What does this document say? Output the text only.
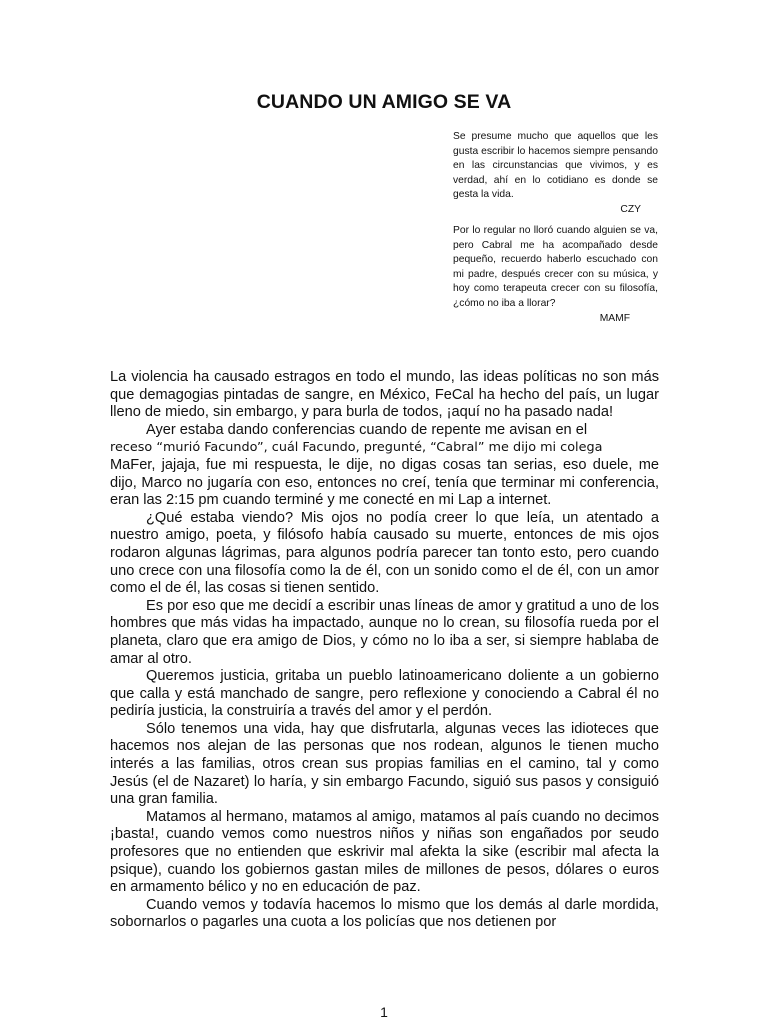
CUANDO UN AMIGO SE VA

Se presume mucho que aquellos que les gusta escribir lo hacemos siempre pensando en las circunstancias que vivimos, y es verdad, ahí en lo cotidiano es donde se gesta la vida.

CZY

Por lo regular no lloró cuando alguien se va, pero Cabral me ha acompañado desde pequeño, recuerdo haberlo escuchado con mi padre, después crecer con su música, y hoy como terapeuta crecer con su filosofía, ¿cómo no iba a llorar?

MAMF

La violencia ha causado estragos en todo el mundo, las ideas políticas no son más que demagogias pintadas de sangre, en México, FeCal ha hecho del país, un lugar lleno de miedo, sin embargo, y para burla de todos, ¡aquí no ha pasado nada!

Ayer estaba dando conferencias cuando de repente me avisan en el

receso “murió Facundo”, cuál Facundo, pregunté, “Cabral” me dijo mi colega

MaFer, jajaja, fue mi respuesta, le dije, no digas cosas tan serias, eso duele, me dijo, Marco no jugaría con eso, entonces no creí, tenía que terminar mi conferencia, eran las 2:15 pm cuando terminé y me conecté en mi Lap a internet.

¿Qué estaba viendo? Mis ojos no podía creer lo que leía, un atentado a nuestro amigo, poeta, y filósofo había causado su muerte, entonces de mis ojos rodaron algunas lágrimas, para algunos podría parecer tan tonto esto, pero cuando uno crece con una filosofía como la de él, con un sonido como el de él, con un amor como el de él, las cosas si tienen sentido.

Es por eso que me decidí a escribir unas líneas de amor y gratitud a uno de los hombres que más vidas ha impactado, aunque no lo crean, su filosofía rueda por el planeta, claro que era amigo de Dios, y cómo no lo iba a ser, si siempre hablaba de amar al otro.

Queremos justicia, gritaba un pueblo latinoamericano doliente a un gobierno que calla y está manchado de sangre, pero reflexione y conociendo a Cabral él no pediría justicia, la construiría a través del amor y el perdón.

Sólo tenemos una vida, hay que disfrutarla, algunas veces las idioteces que hacemos nos alejan de las personas que nos rodean, algunos le tienen mucho interés a las familias, otros crean sus propias familias en el camino, tal y como Jesús (el de Nazaret) lo haría, y sin embargo Facundo, siguió sus pasos y consiguió una gran familia.

Matamos al hermano, matamos al amigo, matamos al país cuando no decimos ¡basta!, cuando vemos como nuestros niños y niñas son engañados por seudo profesores que no entienden que eskrivir mal afekta la sike (escribir mal afecta la psique), cuando los gobiernos gastan miles de millones de pesos, dólares o euros en armamento bélico y no en educación de paz.

Cuando vemos y todavía hacemos lo mismo que los demás al darle mordida, sobornarlos o pagarles una cuota a los policías que nos detienen por

1
